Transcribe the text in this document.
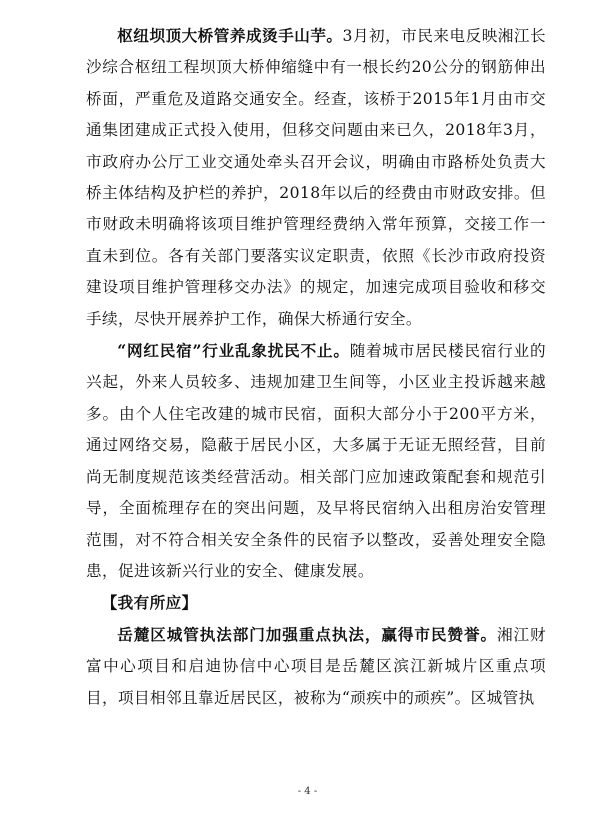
枢纽坝顶大桥管养成烫手山芋。3月初，市民来电反映湘江长沙综合枢纽工程坝顶大桥伸缩缝中有一根长约20公分的钢筋伸出桥面，严重危及道路交通安全。经查，该桥于2015年1月由市交通集团建成正式投入使用，但移交问题由来已久，2018年3月，市政府办公厅工业交通处牵头召开会议，明确由市路桥处负责大桥主体结构及护栏的养护，2018年以后的经费由市财政安排。但市财政未明确将该项目维护管理经费纳入常年预算，交接工作一直未到位。各有关部门要落实议定职责，依照《长沙市政府投资建设项目维护管理移交办法》的规定，加速完成项目验收和移交手续，尽快开展养护工作，确保大桥通行安全。

“网红民宿”行业乱象扰民不止。随着城市居民楼民宿行业的兴起，外来人员较多、违规加建卫生间等，小区业主投诉越来越多。由个人住宅改建的城市民宿，面积大部分小于200平方米，通过网络交易，隐蔽于居民小区，大多属于无证无照经营，目前尚无制度规范该类经营活动。相关部门应加速政策配套和规范引导，全面梳理存在的突出问题，及早将民宿纳入出租房治安管理范围，对不符合相关安全条件的民宿予以整改，妥善处理安全隐患，促进该新兴行业的安全、健康发展。

【我有所应】

岳麓区城管执法部门加强重点执法，赢得市民赞誉。湘江财富中心项目和启迪协信中心项目是岳麓区滨江新城片区重点项目，项目相邻且靠近居民区，被称为“顽疾中的顽疾”。区城管执

- 4 -
